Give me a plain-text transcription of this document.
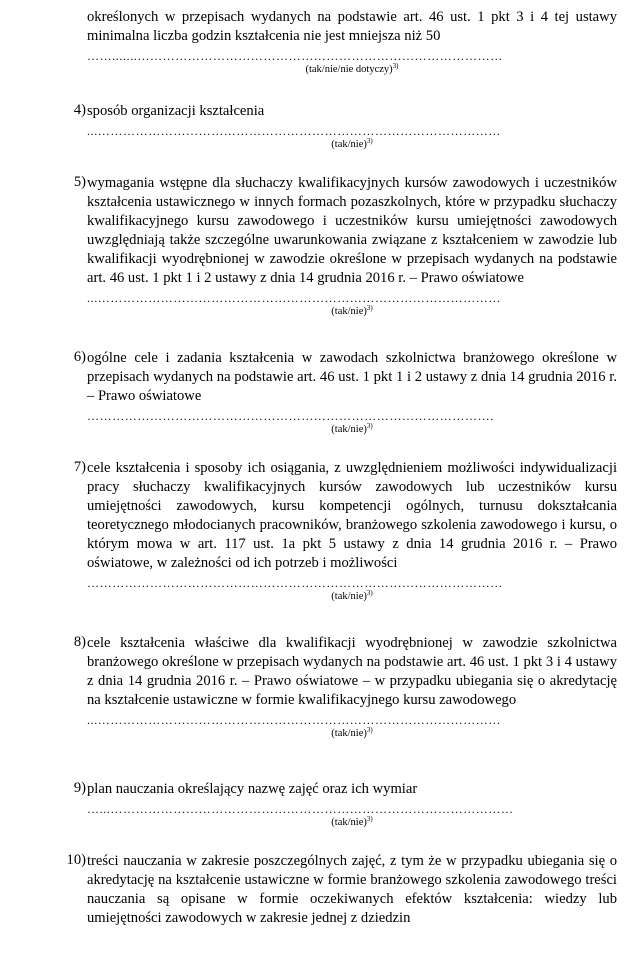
określonych w przepisach wydanych na podstawie art. 46 ust. 1 pkt 3 i 4 tej ustawy minimalna liczba godzin kształcenia nie jest mniejsza niż 50

…….......……………………………………………………………………………
(tak/nie/nie dotyczy)$^{3)}$
4) sposób organizacji kształcenia

...……………………………………………………………………………………
$(tak/nie)^{3)}$
5) wymagania wstępne dla słuchaczy kwalifikacyjnych kursów zawodowych i uczestników kształcenia ustawicznego w innych formach pozaszkolnych, które w przypadku słuchaczy kwalifikacyjnego kursu zawodowego i uczestników kursu umiejętności zawodowych uwzględniają także szczególne uwarunkowania związane z kształceniem w zawodzie lub kwalifikacji wyodrębnionej w zawodzie określone w przepisach wydanych na podstawie art. 46 ust. 1 pkt 1 i 2 ustawy z dnia 14 grudnia 2016 r. – Prawo oświatowe

...……………………………………………………………………………………
$(tak/nie)^{3)}$
6) ogólne cele i zadania kształcenia w zawodach szkolnictwa branżowego określone w przepisach wydanych na podstawie art. 46 ust. 1 pkt 1 i 2 ustawy z dnia 14 grudnia 2016 r. – Prawo oświatowe

…………………………………………………………………………………….
$(tak/nie)^{3)}$
7) cele kształcenia i sposoby ich osiągania, z uwzględnieniem możliwości indywidualizacji pracy słuchaczy kwalifikacyjnych kursów zawodowych lub uczestników kursu umiejętności zawodowych, kursu kompetencji ogólnych, turnusu dokształcania teoretycznego młodocianych pracowników, branżowego szkolenia zawodowego i kursu, o którym mowa w art. 117 ust. 1a pkt 5 ustawy z dnia 14 grudnia 2016 r. – Prawo oświatowe, w zależności od ich potrzeb i możliwości

………………………………………………………………………………………
$(tak/nie)^{3)}$
8) cele kształcenia właściwe dla kwalifikacji wyodrębnionej w zawodzie szkolnictwa branżowego określone w przepisach wydanych na podstawie art. 46 ust. 1 pkt 3 i 4 ustawy z dnia 14 grudnia 2016 r. – Prawo oświatowe – w przypadku ubiegania się o akredytację na kształcenie ustawiczne w formie kwalifikacyjnego kursu zawodowego

...……………………………………………………………………………………
$(tak/nie)^{3)}$
9) plan nauczania określający nazwę zajęć oraz ich wymiar

…...……………………………………………………………………………………
$(tak/nie)^{3)}$
10) treści nauczania w zakresie poszczególnych zajęć, z tym że w przypadku ubiegania się o akredytację na kształcenie ustawiczne w formie branżowego szkolenia zawodowego treści nauczania są opisane w formie oczekiwanych efektów kształcenia: wiedzy lub umiejętności zawodowych w zakresie jednej z dziedzin
